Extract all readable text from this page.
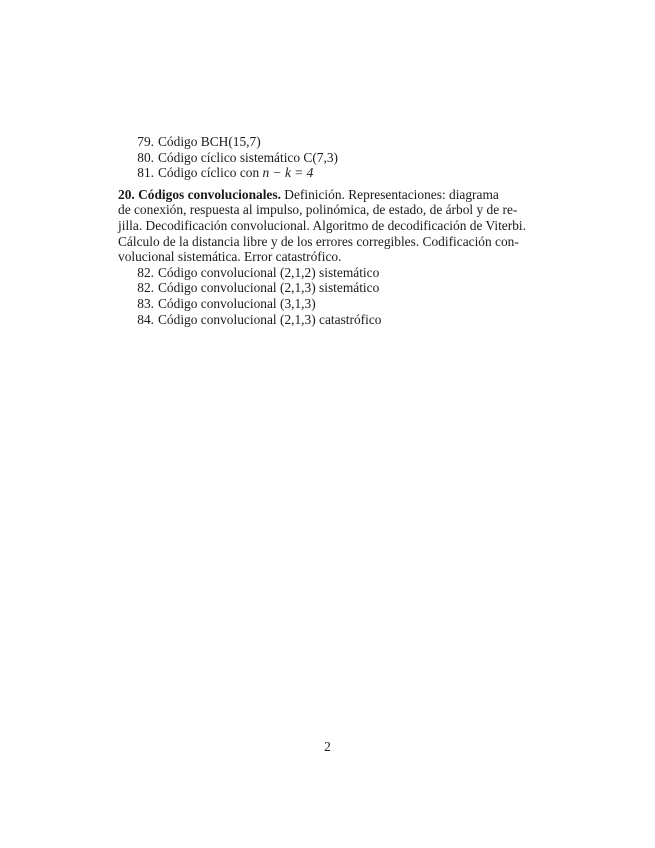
79. Código BCH(15,7)
80. Código cíclico sistemático C(7,3)
81. Código cíclico con
n − k = 4
20. Códigos convolucionales. Definición. Representaciones: diagrama
de conexión, respuesta al impulso, polinómica, de estado, de árbol y de re-
jilla. Decodificación convolucional. Algoritmo de decodificación de Viterbi.
Cálculo de la distancia libre y de los errores corregibles. Codificación con-
volucional sistemática. Error catastrófico.
82. Código convolucional (2,1,2) sistemático
82. Código convolucional (2,1,3) sistemático
83. Código convolucional (3,1,3)
84. Código convolucional (2,1,3) catastrófico
2
